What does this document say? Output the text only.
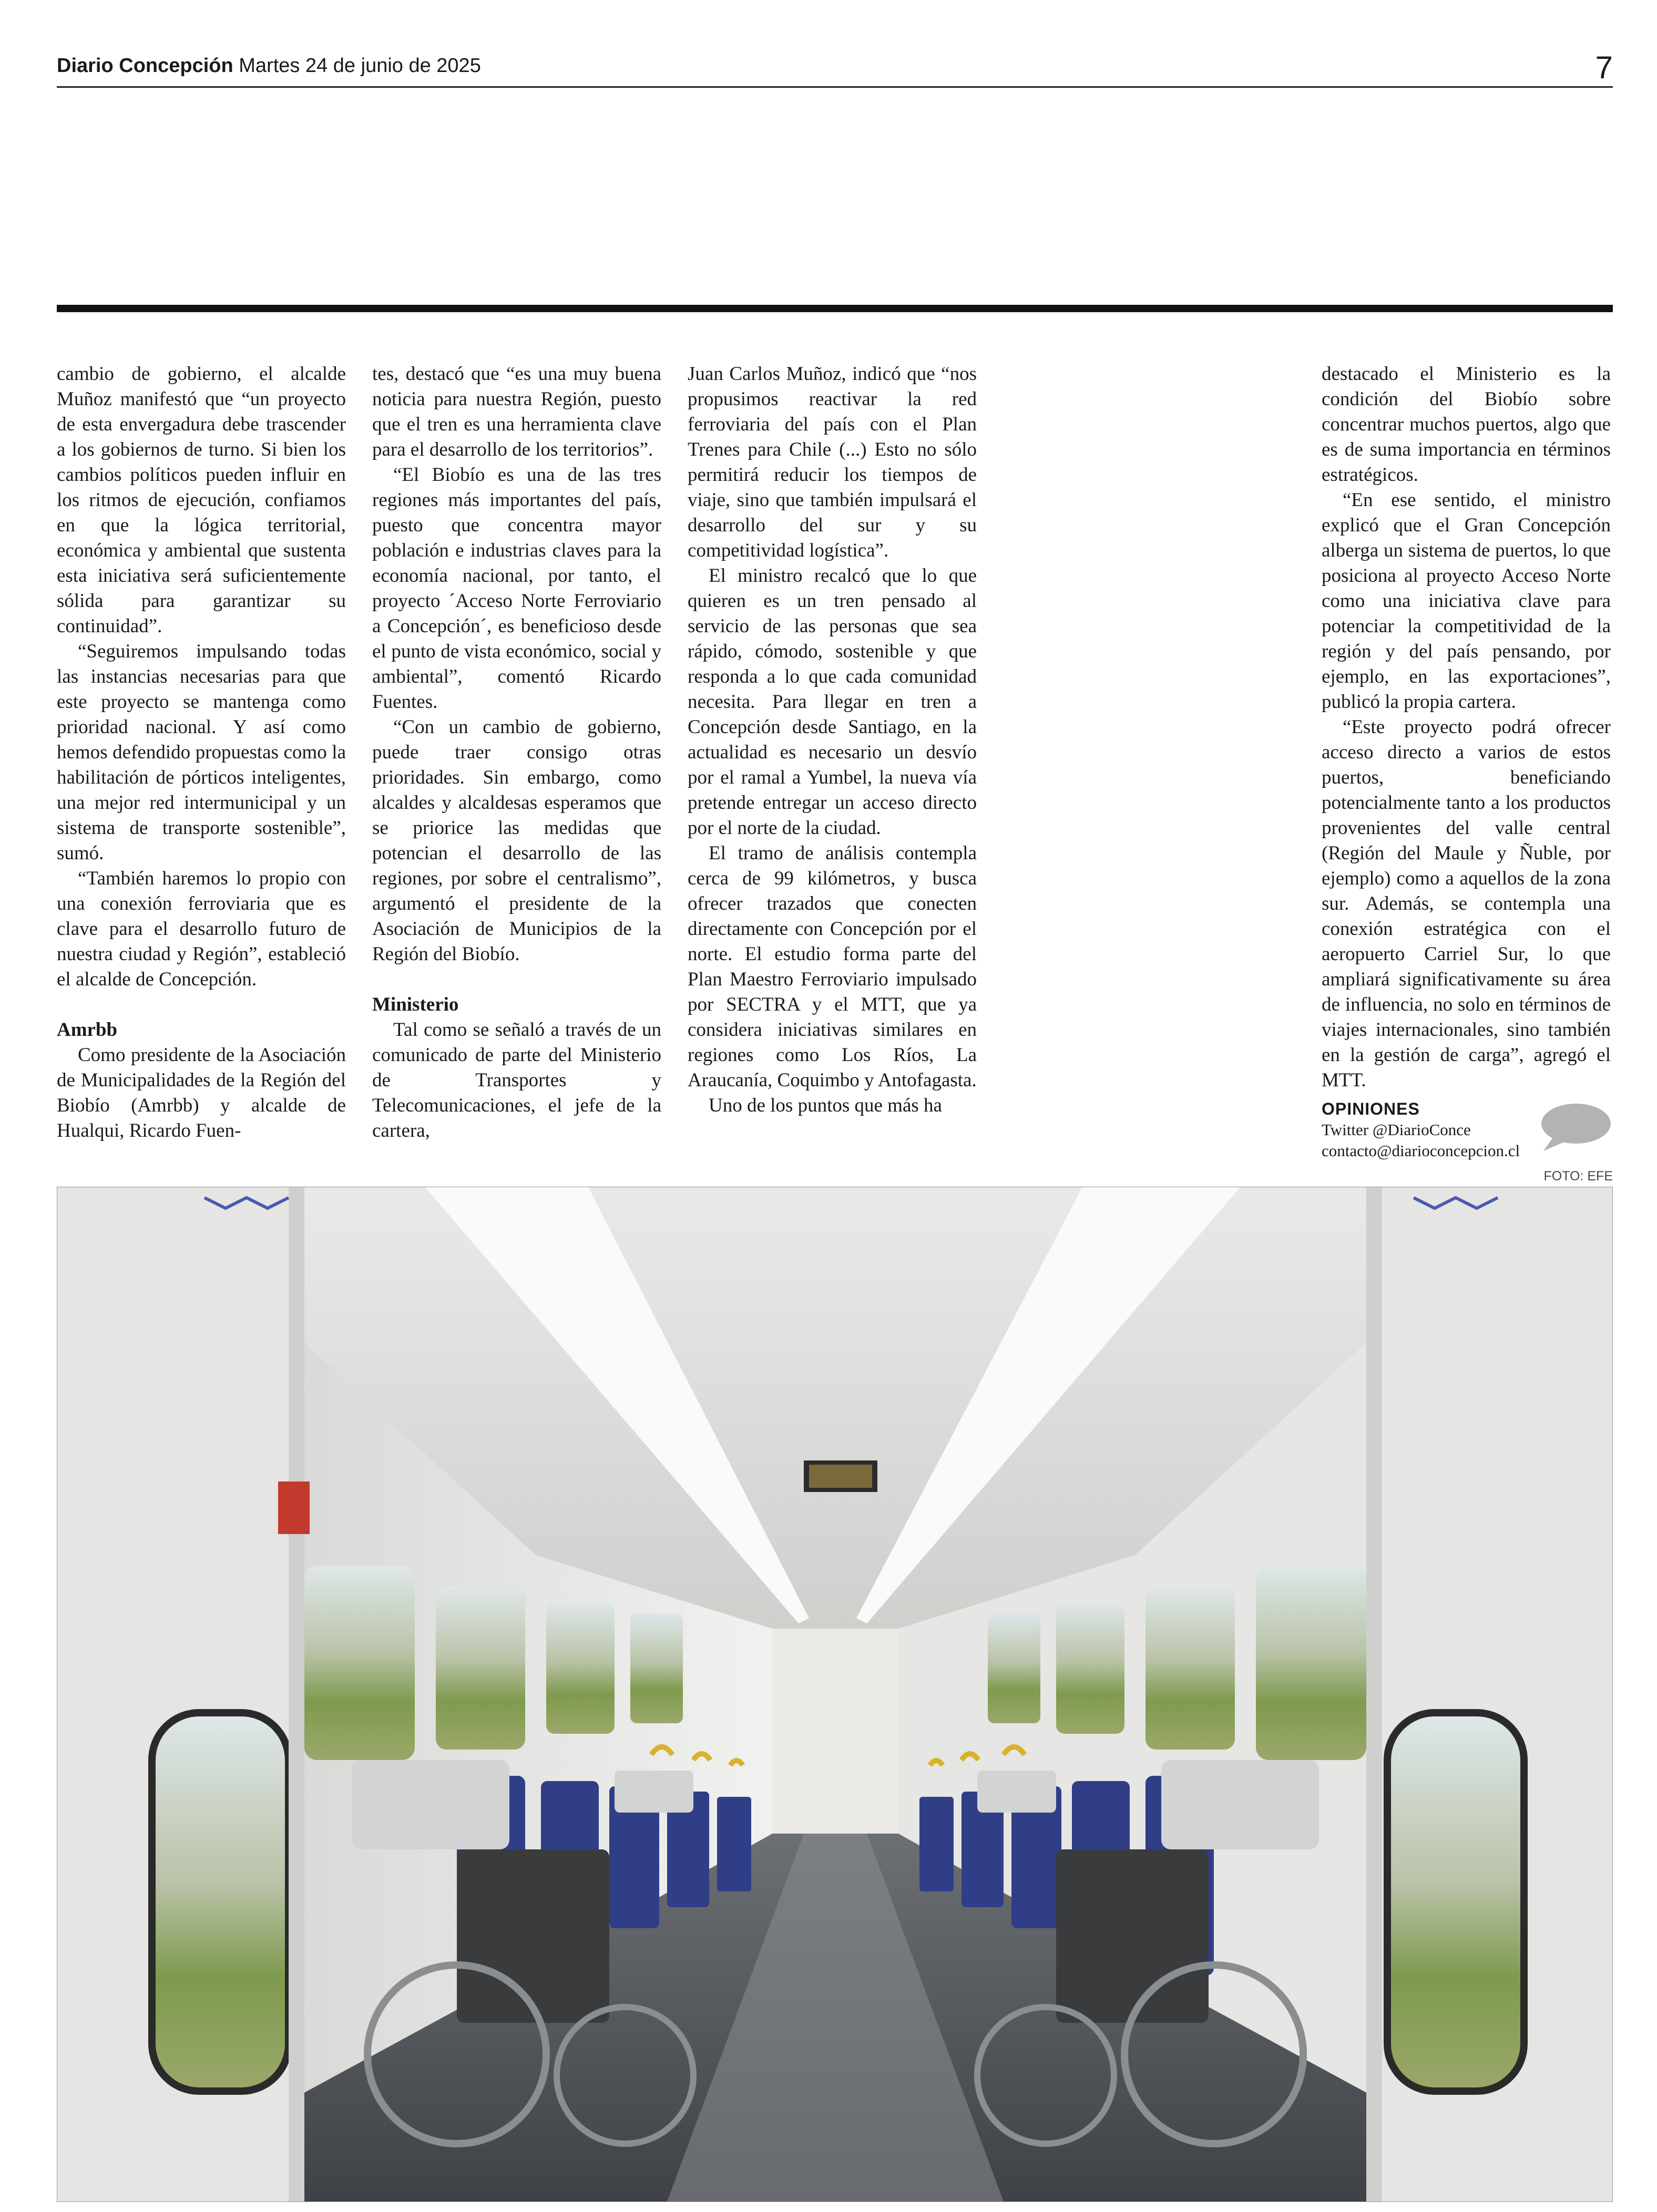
Diario Concepción Martes 24 de junio de 2025	7

cambio de gobierno, el alcalde Muñoz manifestó que “un proyecto de esta envergadura debe trascender a los gobiernos de turno. Si bien los cambios políticos pueden influir en los ritmos de ejecución, confiamos en que la lógica territorial, económica y ambiental que sustenta esta iniciativa será suficientemente sólida para garantizar su continuidad”.

“Seguiremos impulsando todas las instancias necesarias para que este proyecto se mantenga como prioridad nacional. Y así como hemos defendido propuestas como la habilitación de pórticos inteligentes, una mejor red intermunicipal y un sistema de transporte sostenible”, sumó.

“También haremos lo propio con una conexión ferroviaria que es clave para el desarrollo futuro de nuestra ciudad y Región”, estableció el alcalde de Concepción.

Amrbb

Como presidente de la Asociación de Municipalidades de la Región del Biobío (Amrbb) y alcalde de Hualqui, Ricardo Fuen-

tes, destacó que “es una muy buena noticia para nuestra Región, puesto que el tren es una herramienta clave para el desarrollo de los territorios”.

“El Biobío es una de las tres regiones más importantes del país, puesto que concentra mayor población e industrias claves para la economía nacional, por tanto, el proyecto ´Acceso Norte Ferroviario a Concepción´, es beneficioso desde el punto de vista económico, social y ambiental”, comentó Ricardo Fuentes.

“Con un cambio de gobierno, puede traer consigo otras prioridades. Sin embargo, como alcaldes y alcaldesas esperamos que se priorice las medidas que potencian el desarrollo de las regiones, por sobre el centralismo”, argumentó el presidente de la Asociación de Municipios de la Región del Biobío.

Ministerio

Tal como se señaló a través de un comunicado de parte del Ministerio de Transportes y Telecomunicaciones, el jefe de la cartera,

Juan Carlos Muñoz, indicó que “nos propusimos reactivar la red ferroviaria del país con el Plan Trenes para Chile (...) Esto no sólo permitirá reducir los tiempos de viaje, sino que también impulsará el desarrollo del sur y su competitividad logística”.

El ministro recalcó que lo que quieren es un tren pensado al servicio de las personas que sea rápido, cómodo, sostenible y que responda a lo que cada comunidad necesita. Para llegar en tren a Concepción desde Santiago, en la actualidad es necesario un desvío por el ramal a Yumbel, la nueva vía pretende entregar un acceso directo por el norte de la ciudad.

El tramo de análisis contempla cerca de 99 kilómetros, y busca ofrecer trazados que conecten directamente con Concepción por el norte. El estudio forma parte del Plan Maestro Ferroviario impulsado por SECTRA y el MTT, que ya considera iniciativas similares en regiones como Los Ríos, La Araucanía, Coquimbo y Antofagasta.

Uno de los puntos que más ha

destacado el Ministerio es la condición del Biobío sobre concentrar muchos puertos, algo que es de suma importancia en términos estratégicos.

“En ese sentido, el ministro explicó que el Gran Concepción alberga un sistema de puertos, lo que posiciona al proyecto Acceso Norte como una iniciativa clave para potenciar la competitividad de la región y del país pensando, por ejemplo, en las exportaciones”, publicó la propia cartera.

“Este proyecto podrá ofrecer acceso directo a varios de estos puertos, beneficiando potencialmente tanto a los productos provenientes del valle central (Región del Maule y Ñuble, por ejemplo) como a aquellos de la zona sur. Además, se contempla una conexión estratégica con el aeropuerto Carriel Sur, lo que ampliará significativamente su área de influencia, no solo en términos de viajes internacionales, sino también en la gestión de carga”, agregó el MTT.

OPINIONES
Twitter @DiarioConce
contacto@diarioconcepcion.cl
FOTO: EFE
